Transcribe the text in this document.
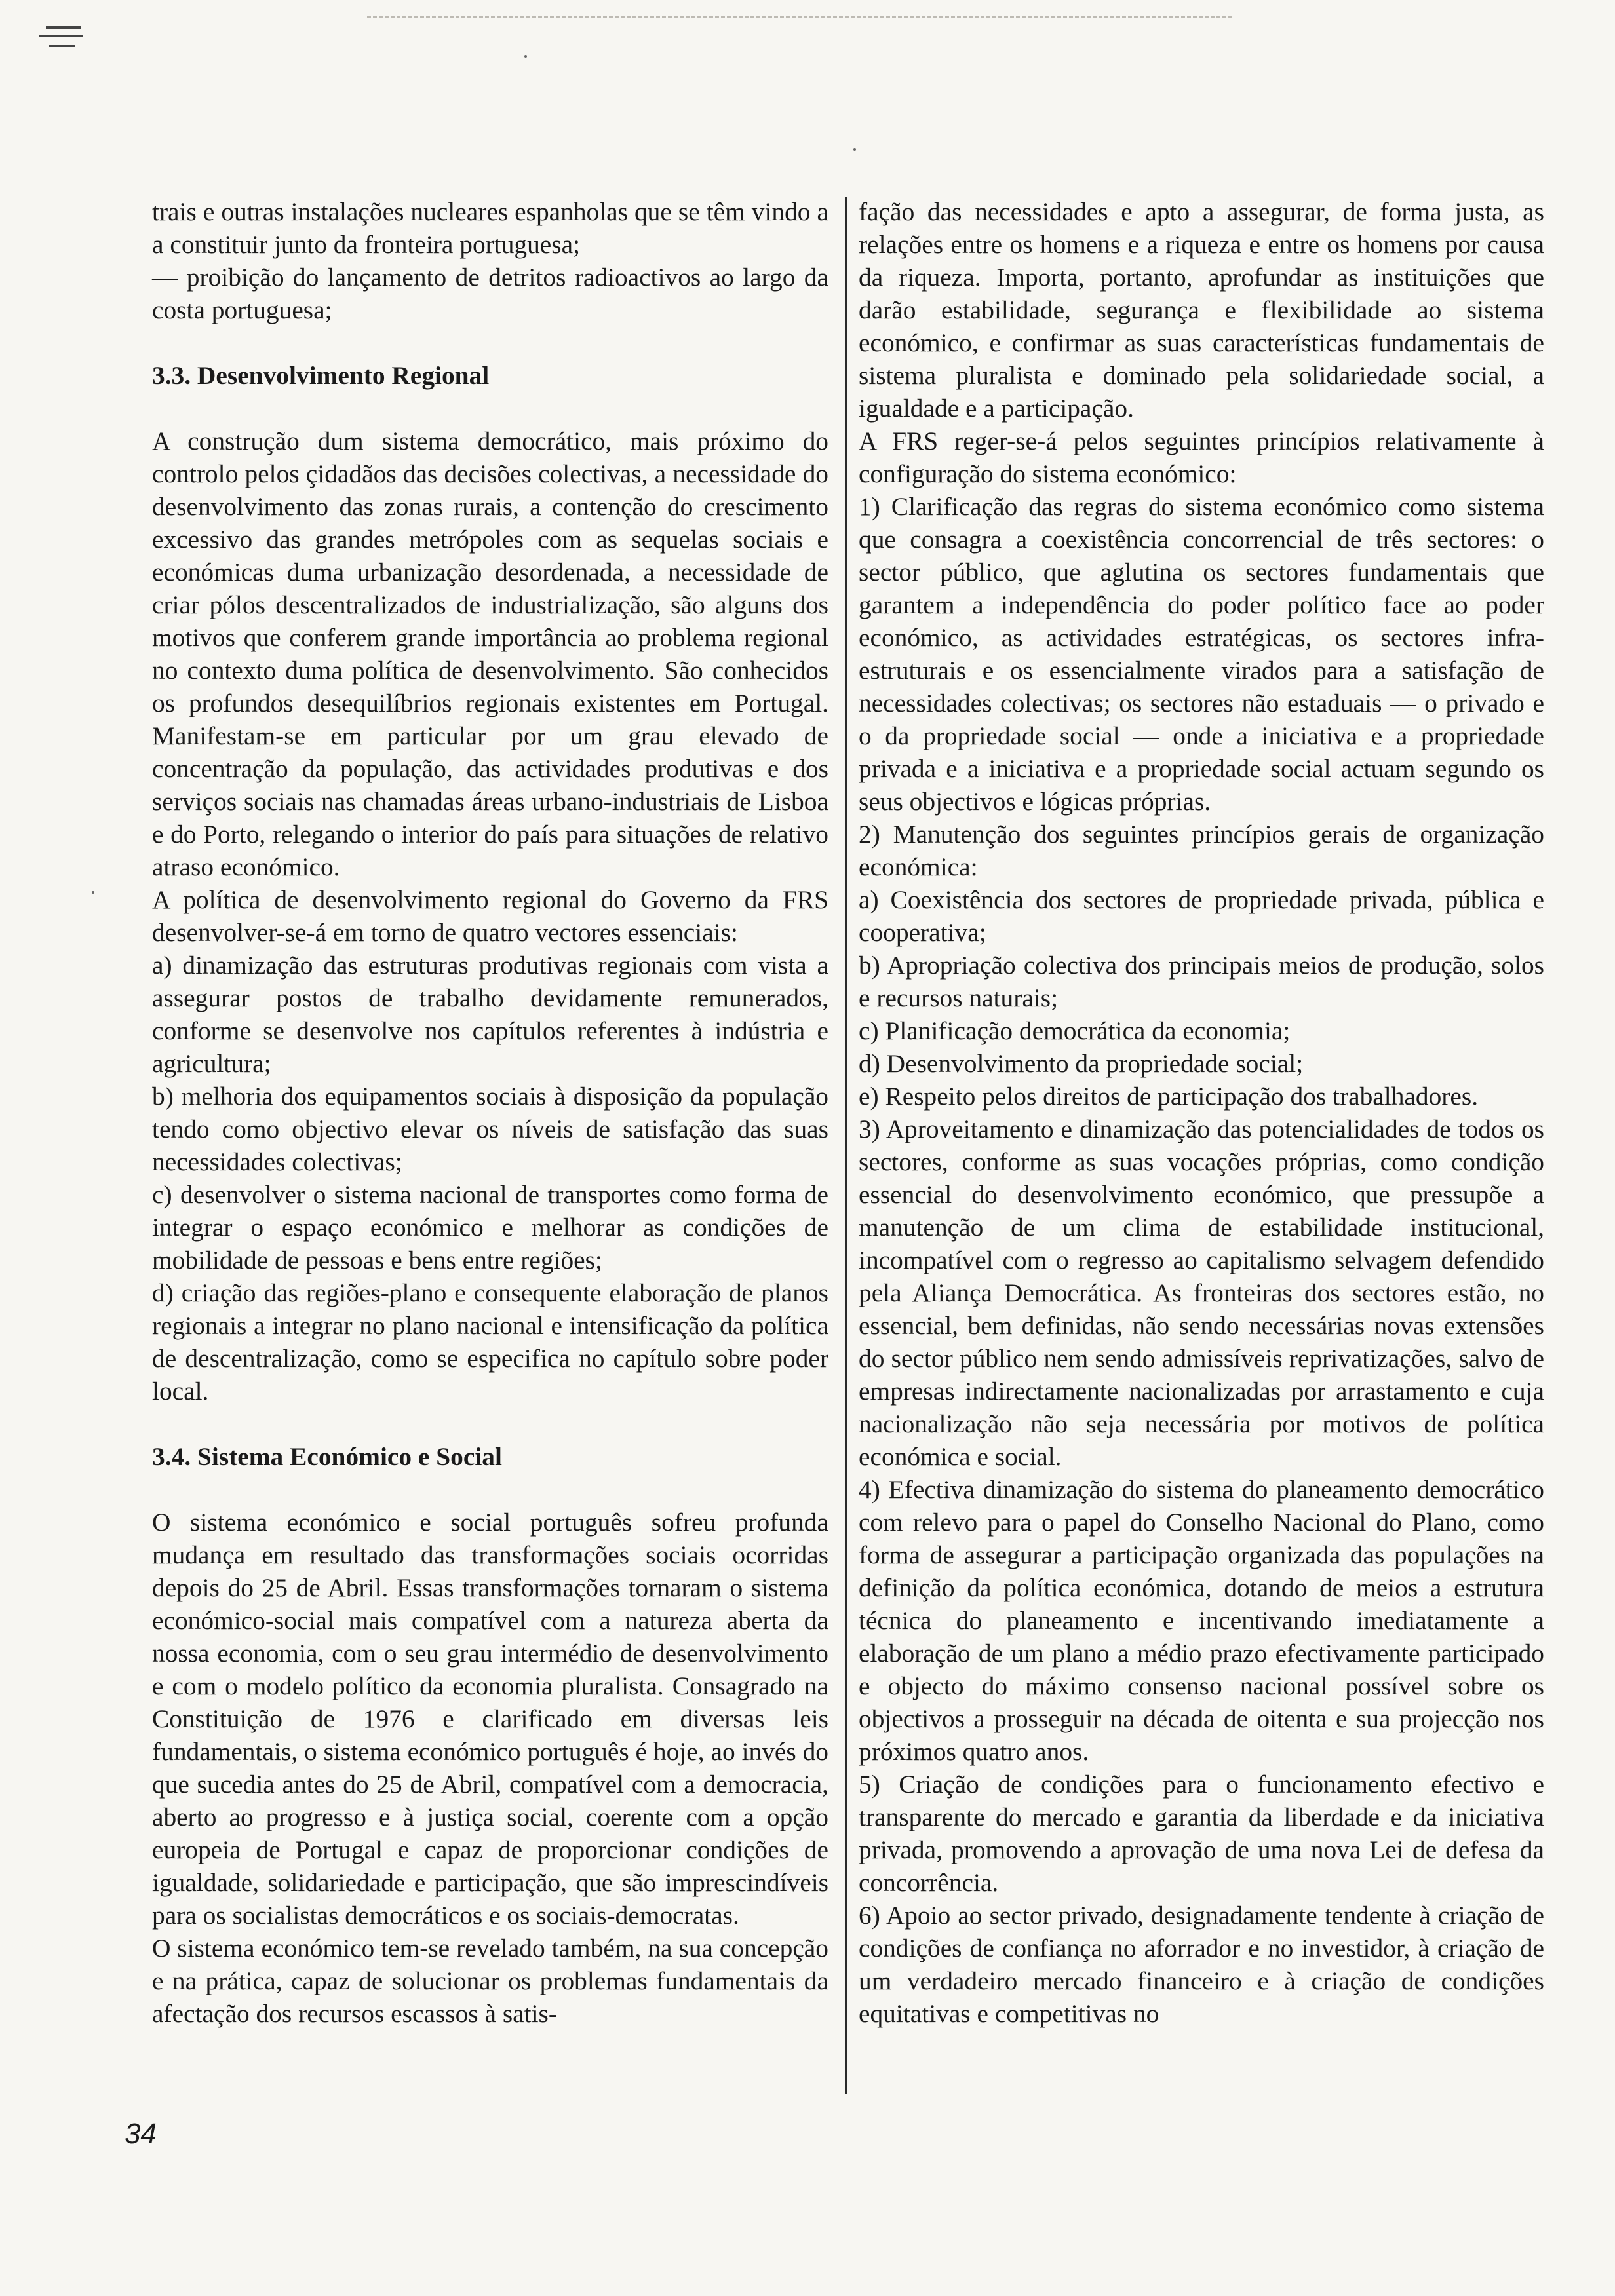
trais e outras instalações nucleares espanholas que se têm vindo a a constituir junto da fronteira portuguesa;

— proibição do lançamento de detritos radioactivos ao largo da costa portuguesa;

3.3. Desenvolvimento Regional

A construção dum sistema democrático, mais próximo do controlo pelos çidadãos das decisões colectivas, a necessidade do desenvolvimento das zonas rurais, a contenção do crescimento excessivo das grandes metrópoles com as sequelas sociais e económicas duma urbanização desordenada, a necessidade de criar pólos descentralizados de industrialização, são alguns dos motivos que conferem grande importância ao problema regional no contexto duma política de desenvolvimento. São conhecidos os profundos desequilíbrios regionais existentes em Portugal. Manifestam-se em particular por um grau elevado de concentração da população, das actividades produtivas e dos serviços sociais nas chamadas áreas urbano-industriais de Lisboa e do Porto, relegando o interior do país para situações de relativo atraso económico.

A política de desenvolvimento regional do Governo da FRS desenvolver-se-á em torno de quatro vectores essenciais:

a) dinamização das estruturas produtivas regionais com vista a assegurar postos de trabalho devidamente remunerados, conforme se desenvolve nos capítulos referentes à indústria e agricultura;

b) melhoria dos equipamentos sociais à disposição da população tendo como objectivo elevar os níveis de satisfação das suas necessidades colectivas;

c) desenvolver o sistema nacional de transportes como forma de integrar o espaço económico e melhorar as condições de mobilidade de pessoas e bens entre regiões;

d) criação das regiões-plano e consequente elaboração de planos regionais a integrar no plano nacional e intensificação da política de descentralização, como se especifica no capítulo sobre poder local.

3.4. Sistema Económico e Social

O sistema económico e social português sofreu profunda mudança em resultado das transformações sociais ocorridas depois do 25 de Abril. Essas transformações tornaram o sistema económico-social mais compatível com a natureza aberta da nossa economia, com o seu grau intermédio de desenvolvimento e com o modelo político da economia pluralista. Consagrado na Constituição de 1976 e clarificado em diversas leis fundamentais, o sistema económico português é hoje, ao invés do que sucedia antes do 25 de Abril, compatível com a democracia, aberto ao progresso e à justiça social, coerente com a opção europeia de Portugal e capaz de proporcionar condições de igualdade, solidariedade e participação, que são imprescindíveis para os socialistas democráticos e os sociais-democratas.

O sistema económico tem-se revelado também, na sua concepção e na prática, capaz de solucionar os problemas fundamentais da afectação dos recursos escassos à satis-

fação das necessidades e apto a assegurar, de forma justa, as relações entre os homens e a riqueza e entre os homens por causa da riqueza. Importa, portanto, aprofundar as instituições que darão estabilidade, segurança e flexibilidade ao sistema económico, e confirmar as suas características fundamentais de sistema pluralista e dominado pela solidariedade social, a igualdade e a participação.

A FRS reger-se-á pelos seguintes princípios relativamente à configuração do sistema económico:

1) Clarificação das regras do sistema económico como sistema que consagra a coexistência concorrencial de três sectores: o sector público, que aglutina os sectores fundamentais que garantem a independência do poder político face ao poder económico, as actividades estratégicas, os sectores infra-estruturais e os essencialmente virados para a satisfação de necessidades colectivas; os sectores não estaduais — o privado e o da propriedade social — onde a iniciativa e a propriedade privada e a iniciativa e a propriedade social actuam segundo os seus objectivos e lógicas próprias.

2) Manutenção dos seguintes princípios gerais de organização económica:

a) Coexistência dos sectores de propriedade privada, pública e cooperativa;

b) Apropriação colectiva dos principais meios de produção, solos e recursos naturais;

c) Planificação democrática da economia;

d) Desenvolvimento da propriedade social;

e) Respeito pelos direitos de participação dos trabalhadores.

3) Aproveitamento e dinamização das potencialidades de todos os sectores, conforme as suas vocações próprias, como condição essencial do desenvolvimento económico, que pressupõe a manutenção de um clima de estabilidade institucional, incompatível com o regresso ao capitalismo selvagem defendido pela Aliança Democrática. As fronteiras dos sectores estão, no essencial, bem definidas, não sendo necessárias novas extensões do sector público nem sendo admissíveis reprivatizações, salvo de empresas indirectamente nacionalizadas por arrastamento e cuja nacionalização não seja necessária por motivos de política económica e social.

4) Efectiva dinamização do sistema do planeamento democrático com relevo para o papel do Conselho Nacional do Plano, como forma de assegurar a participação organizada das populações na definição da política económica, dotando de meios a estrutura técnica do planeamento e incentivando imediatamente a elaboração de um plano a médio prazo efectivamente participado e objecto do máximo consenso nacional possível sobre os objectivos a prosseguir na década de oitenta e sua projecção nos próximos quatro anos.

5) Criação de condições para o funcionamento efectivo e transparente do mercado e garantia da liberdade e da iniciativa privada, promovendo a aprovação de uma nova Lei de defesa da concorrência.

6) Apoio ao sector privado, designadamente tendente à criação de condições de confiança no aforrador e no investidor, à criação de um verdadeiro mercado financeiro e à criação de condições equitativas e competitivas no

34
